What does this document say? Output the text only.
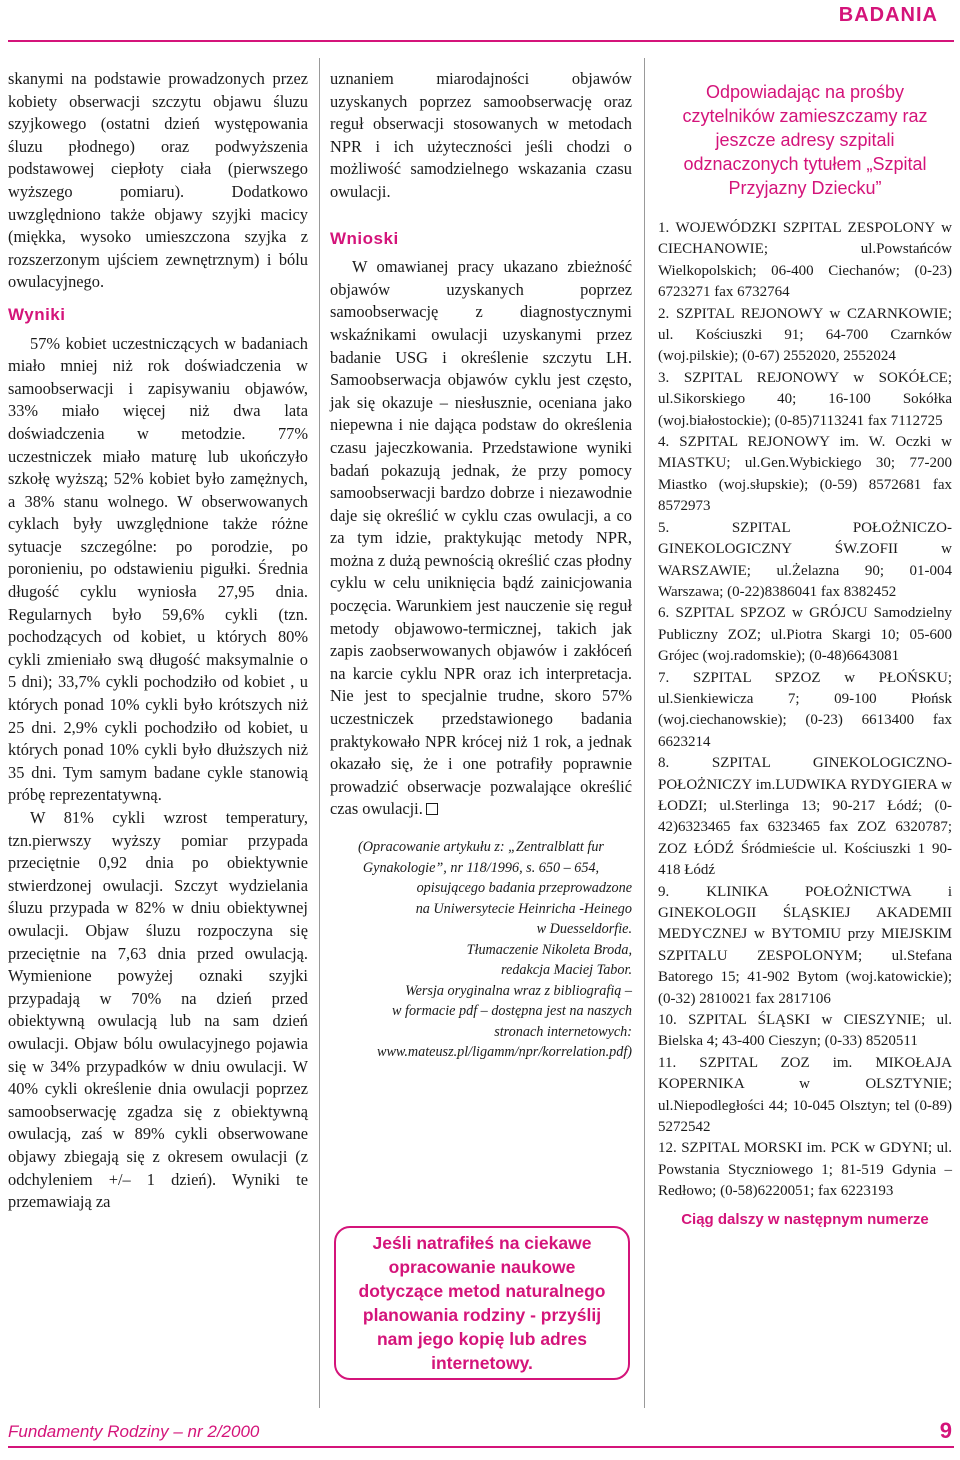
BADANIA

skanymi na podstawie prowadzonych przez kobiety obserwacji szczytu objawu śluzu szyjkowego (ostatni dzień występowania śluzu płodnego) oraz podwyższenia podstawowej ciepłoty ciała (pierwszego wyższego pomiaru). Dodatkowo uwzględniono także objawy szyjki macicy (miękka, wysoko umieszczona szyjka z rozszerzonym ujściem zewnętrznym) i bólu owulacyjnego.

Wyniki

57% kobiet uczestniczących w badaniach miało mniej niż rok doświadczenia w samoobserwacji i zapisywaniu objawów, 33% miało więcej niż dwa lata doświadczenia w metodzie. 77% uczestniczek miało maturę lub ukończyło szkołę wyższą; 52% kobiet było zamężnych, a 38% stanu wolnego. W obserwowanych cyklach były uwzględnione także różne sytuacje szczególne: po porodzie, po poronieniu, po odstawieniu pigułki. Średnia długość cyklu wyniosła 27,95 dnia. Regularnych było 59,6% cykli (tzn. pochodzących od kobiet, u których 80% cykli zmieniało swą długość maksymalnie o 5 dni); 33,7% cykli pochodziło od kobiet , u których ponad 10% cykli było krótszych niż 25 dni. 2,9% cykli pochodziło od kobiet, u których ponad 10% cykli było dłuższych niż 35 dni. Tym samym badane cykle stanowią próbę reprezentatywną.

W 81% cykli wzrost temperatury, tzn.pierwszy wyższy pomiar przypada przeciętnie 0,92 dnia po obiektywnie stwierdzonej owulacji. Szczyt wydzielania śluzu przypada w 82% w dniu obiektywnej owulacji. Objaw śluzu rozpoczyna się przeciętnie na 7,63 dnia przed owulacją. Wymienione powyżej oznaki szyjki przypadają w 70% na dzień przed obiektywną owulacją lub na sam dzień owulacji. Objaw bólu owulacyjnego pojawia się w 34% przypadków w dniu owulacji. W 40% cykli określenie dnia owulacji poprzez samoobserwację zgadza się z obiektywną owulacją, zaś w 89% cykli obserwowane objawy zbiegają się z okresem owulacji (z odchyleniem +/– 1 dzień). Wyniki te przemawiają za

uznaniem miarodajności objawów uzyskanych poprzez samoobserwację oraz reguł obserwacji stosowanych w metodach NPR i ich użyteczności jeśli chodzi o możliwość samodzielnego wskazania czasu owulacji.

Wnioski

W omawianej pracy ukazano zbieżność objawów uzyskanych poprzez samoobserwację z diagnostycznymi wskaźnikami owulacji uzyskanymi przez badanie USG i określenie szczytu LH. Samoobserwacja objawów cyklu jest często, jak się okazuje – niesłusznie, oceniana jako niepewna i nie dająca podstaw do określenia czasu jajeczkowania. Przedstawione wyniki badań pokazują jednak, że przy pomocy samoobserwacji bardzo dobrze i niezawodnie daje się określić w cyklu czas owulacji, a co za tym idzie, praktykując metody NPR, można z dużą pewnością określić czas płodny cyklu w celu uniknięcia bądź zainicjowania poczęcia. Warunkiem jest nauczenie się reguł metody objawowo-termicznej, takich jak zapis zaobserwowanych objawów i zakłóceń na karcie cyklu NPR oraz ich interpretacja. Nie jest to specjalnie trudne, skoro 57% uczestniczek przedstawionego badania praktykowało NPR krócej niż 1 rok, a jednak okazało się, że i one potrafiły poprawnie prowadzić obserwacje pozwalające określić czas owulacji.

(Opracowanie artykułu z: „Zentralblatt fur Gynakologie”, nr 118/1996, s. 650 – 654,
opisującego badania przeprowadzone
na Uniwersytecie Heinricha -Heinego
w Duesseldorfie.
Tłumaczenie Nikoleta Broda,
redakcja Maciej Tabor.
Wersja oryginalna wraz z bibliografią –
w formacie pdf – dostępna jest na naszych
stronach internetowych:
www.mateusz.pl/ligamm/npr/korrelation.pdf)
Jeśli natrafiłeś na ciekawe opracowanie naukowe dotyczące metod naturalnego planowania rodziny - przyślij nam jego kopię lub adres internetowy.
Odpowiadając na prośby czytelników zamieszczamy raz jeszcze adresy szpitali odznaczonych tytułem „Szpital Przyjazny Dziecku”

1. WOJEWÓDZKI SZPITAL ZESPOLONY w CIECHANOWIE; ul.Powstańców Wielkopolskich; 06-400 Ciechanów; (0-23) 6723271 fax 6732764

2. SZPITAL REJONOWY w CZARNKOWIE; ul. Kościuszki 91; 64-700 Czarnków (woj.pilskie); (0-67) 2552020, 2552024

3. SZPITAL REJONOWY w SOKÓŁCE; ul.Sikorskiego 40; 16-100 Sokółka (woj.białostockie); (0-85)7113241 fax 7112725

4. SZPITAL REJONOWY im. W. Oczki w MIASTKU; ul.Gen.Wybickiego 30; 77-200 Miastko (woj.słupskie); (0-59) 8572681 fax 8572973

5. SZPITAL POŁOŻNICZO-GINEKOLOGICZNY ŚW.ZOFII w WARSZAWIE; ul.Żelazna 90; 01-004 Warszawa; (0-22)8386041 fax 8382452

6. SZPITAL SPZOZ w GRÓJCU Samodzielny Publiczny ZOZ; ul.Piotra Skargi 10; 05-600 Grójec (woj.radomskie); (0-48)6643081

7. SZPITAL SPZOZ w PŁOŃSKU; ul.Sienkiewicza 7; 09-100 Płońsk (woj.ciechanowskie); (0-23) 6613400 fax 6623214

8. SZPITAL GINEKOLOGICZNO-POŁOŻNICZY im.LUDWIKA RYDYGIERA w ŁODZI; ul.Sterlinga 13; 90-217 Łódź; (0-42)6323465 fax 6323465 fax ZOZ 6320787; ZOZ ŁÓDŹ Śródmieście ul. Kościuszki 1 90-418 Łódź

9. KLINIKA POŁOŻNICTWA i GINEKOLOGII ŚLĄSKIEJ AKADEMII MEDYCZNEJ w BYTOMIU przy MIEJSKIM SZPITALU ZESPOLONYM; ul.Stefana Batorego 15; 41-902 Bytom (woj.katowickie); (0-32) 2810021 fax 2817106

10. SZPITAL ŚLĄSKI w CIESZYNIE; ul. Bielska 4; 43-400 Cieszyn; (0-33) 8520511

11. SZPITAL ZOZ im. MIKOŁAJA KOPERNIKA w OLSZTYNIE; ul.Niepodległości 44; 10-045 Olsztyn; tel (0-89) 5272542

12. SZPITAL MORSKI im. PCK w GDYNI; ul. Powstania Styczniowego 1; 81-519 Gdynia – Redłowo; (0-58)6220051; fax 6223193

Ciąg dalszy w następnym numerze
Fundamenty Rodziny – nr 2/2000	9
